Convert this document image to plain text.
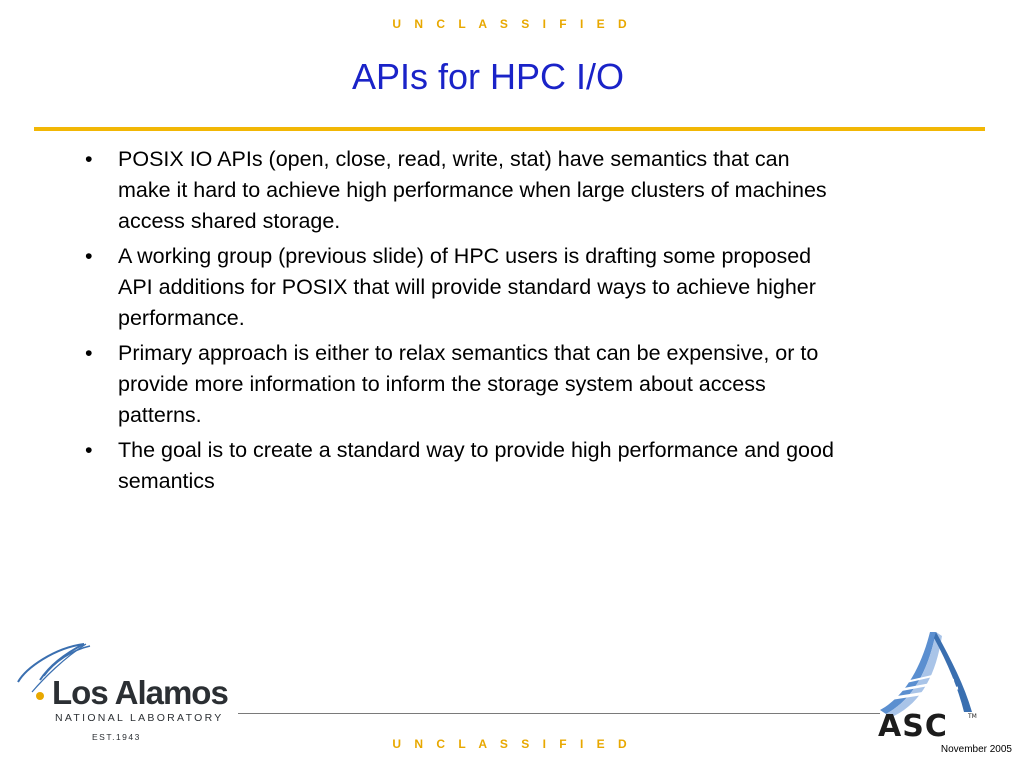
U N C L A S S I F I E D
APIs for HPC I/O
• POSIX IO APIs (open, close, read, write, stat) have semantics that can make it hard to achieve high performance when large clusters of machines access shared storage.
• A working group (previous slide) of HPC users is drafting some proposed API additions for POSIX that will provide standard ways to achieve higher performance.
• Primary approach is either to relax semantics that can be expensive, or to provide more information to inform the storage system about access patterns.
• The goal is to create a standard way to provide high performance and good semantics
Los Alamos
NATIONAL LABORATORY
EST.1943	U N C L A S S I F I E D	ASC	TM
November 2005
